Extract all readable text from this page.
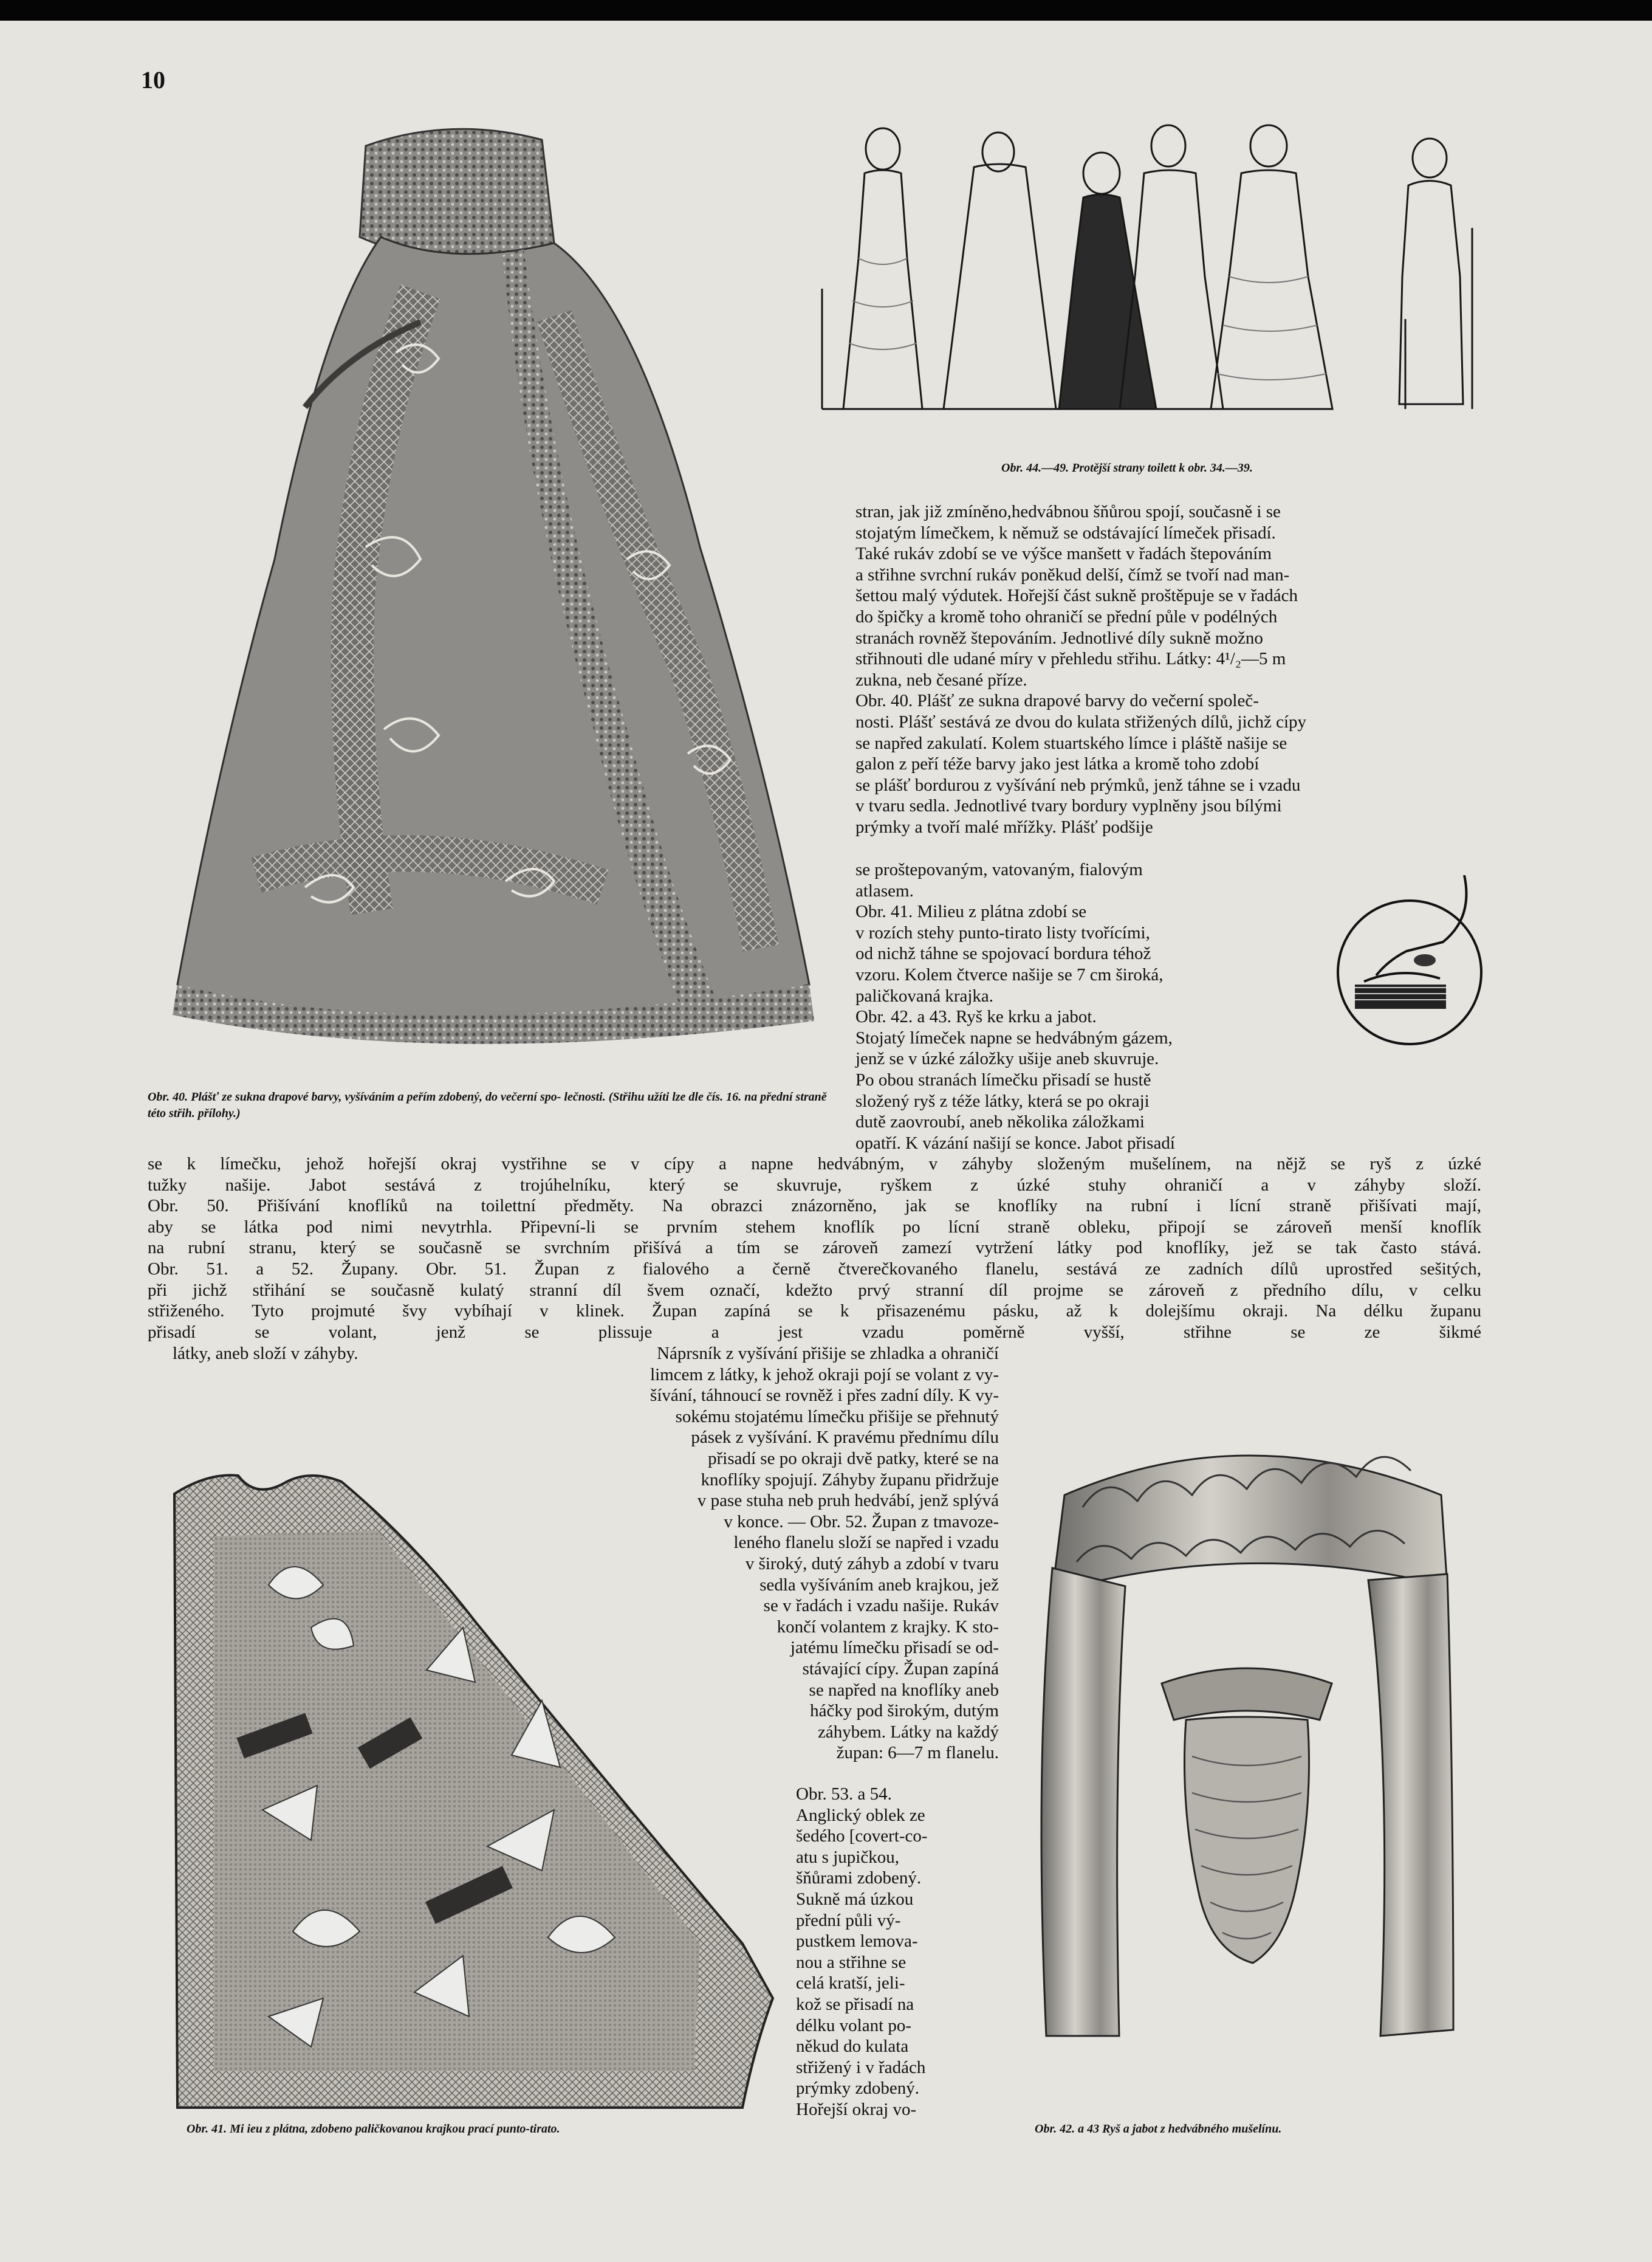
10

Obr. 40. Plášť ze sukna drapové barvy, vyšíváním a peřím zdobený, do večerní spo- lečnosti. (Střihu užíti lze dle čís. 16. na přední straně této střih. přílohy.)

Obr. 44.—49. Protější strany toilett k obr. 34.—39.

stran, jak již zmíněno,hedvábnou šňůrou spojí, současně i se
stojatým límečkem, k němuž se odstávající límeček přisadí.
Také rukáv zdobí se ve výšce manšett v řadách štepováním
a střihne svrchní rukáv poněkud delší, čímž se tvoří nad man-
šettou malý výdutek. Hořejší část sukně proštěpuje se v řadách
do špičky a kromě toho ohraničí se přední půle v podélných
stranách rovněž štepováním. Jednotlivé díly sukně možno
střihnouti dle udané míry v přehledu střihu. Látky: 4¹/₂—5 m
zukna, neb česané příze.
Obr. 40. Plášť ze sukna drapové barvy do večerní společ-
nosti. Plášť sestává ze dvou do kulata střižených dílů, jichž cípy
se napřed zakulatí. Kolem stuartského límce i pláště našije se
galon z peří téže barvy jako jest látka a kromě toho zdobí
se plášť bordurou z vyšívání neb prýmků, jenž táhne se i vzadu
v tvaru sedla. Jednotlivé tvary bordury vyplněny jsou bílými
prýmky a tvoří malé mřížky. Plášť podšije

se proštepovaným, vatovaným, fialovým
atlasem.
Obr. 41. Milieu z plátna zdobí se
v rozích stehy punto-tirato listy tvořícími,
od nichž táhne se spojovací bordura téhož
vzoru. Kolem čtverce našije se 7 cm široká,
paličkovaná krajka.
Obr. 42. a 43. Ryš ke krku a jabot.
Stojatý límeček napne se hedvábným gázem,
jenž se v úzké záložky ušije aneb skuvruje.
Po obou stranách límečku přisadí se hustě
složený ryš z téže látky, která se po okraji
dutě zaovroubí, aneb několika záložkami
opatří. K vázání našijí se konce. Jabot přisadí

se k límečku, jehož hořejší okraj vystřihne se v cípy a napne hedvábným, v záhyby složeným mušelínem, na nějž se ryš z úzké
tužky našije. Jabot sestává z trojúhelníku, který se skuvruje, ryškem z úzké stuhy ohraničí a v záhyby složí.
Obr. 50. Přišívání knoflíků na toilettní předměty. Na obrazci znázorněno, jak se knoflíky na rubní i lícní straně přišívati mají,
aby se látka pod nimi nevytrhla. Připevní-li se prvním stehem knoflík po lícní straně obleku, připojí se zároveň menší knoflík
na rubní stranu, který se současně se svrchním přišívá a tím se zároveň zamezí vytržení látky pod knoflíky, jež se tak často stává.
Obr. 51. a 52. Župany. Obr. 51. Župan z fialového a černě čtverečkovaného flanelu, sestává ze zadních dílů uprostřed sešitých,
při jichž střihání se současně kulatý stranní díl švem označí, kdežto prvý stranní díl projme se zároveň z předního dílu, v celku
střiženého. Tyto projmuté švy vybíhají v klinek. Župan zapíná se k přisazenému pásku, až k dolejšímu okraji. Na délku županu
přisadí se volant, jenž se plissuje a jest vzadu poměrně vyšší, střihne se ze šikmé

látky, aneb složí v záhyby.	Náprsník z vyšívání přišije se zhladka a ohraničí
limcem z látky, k jehož okraji pojí se volant z vy-
šívání, táhnoucí se rovněž i přes zadní díly. K vy-
sokému stojatému límečku přišije se přehnutý
pásek z vyšívání. K pravému přednímu dílu
přisadí se po okraji dvě patky, které se na
knoflíky spojují. Záhyby županu přidržuje
v pase stuha neb pruh hedvábí, jenž splývá
v konce. — Obr. 52. Župan z tmavoze-
leného flanelu složí se napřed i vzadu
v široký, dutý záhyb a zdobí v tvaru
sedla vyšíváním aneb krajkou, jež
se v řadách i vzadu našije. Rukáv
končí volantem z krajky. K sto-
jatému límečku přisadí se od-
stávající cípy. Župan zapíná
se napřed na knoflíky aneb
háčky pod širokým, dutým
záhybem. Látky na každý
župan: 6—7 m flanelu.

Obr. 53. a 54.
Anglický oblek ze
šedého [covert-co-
atu s jupičkou,
šňůrami zdobený.
Sukně má úzkou
přední půli vý-
pustkem lemova-
nou a střihne se
celá kratší, jeli-
kož se přisadí na
délku volant po-
někud do kulata
střižený i v řadách
prýmky zdobený.
Hořejší okraj vo-

Obr. 41. Mi ieu z plátna, zdobeno paličkovanou krajkou prací punto-tirato.	Obr. 42. a 43 Ryš a jabot z hedvábného mušelínu.
